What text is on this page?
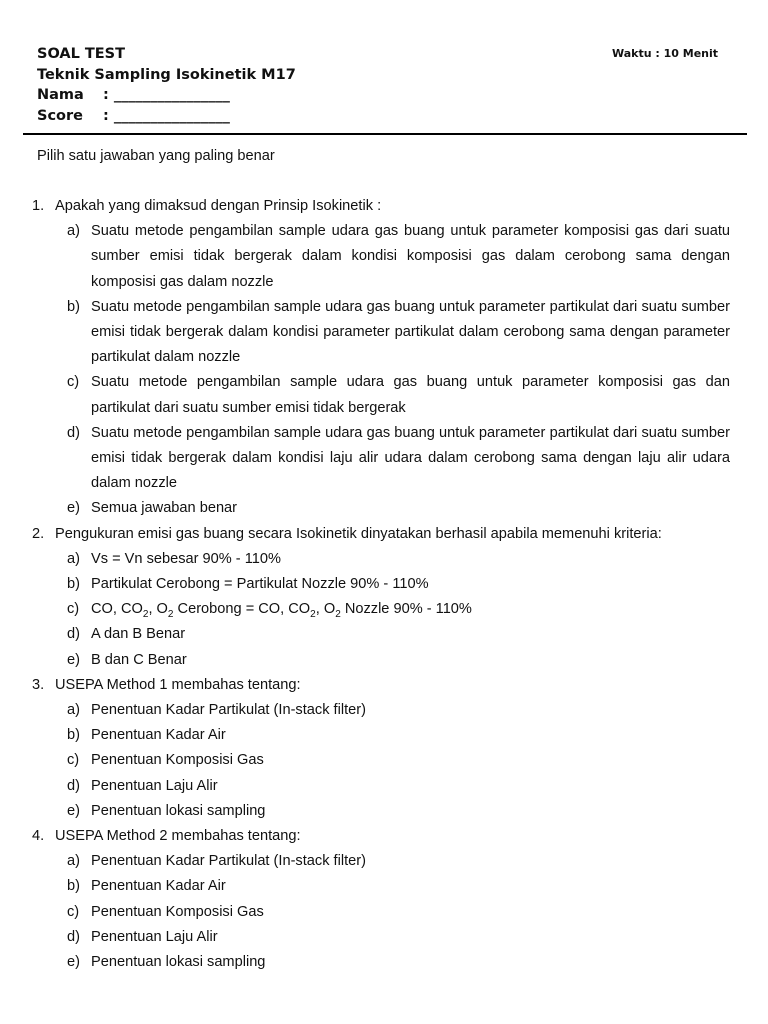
SOAL TEST
Teknik Sampling Isokinetik M17
Nama : ________________
Score : ________________
Waktu : 10 Menit
Pilih satu jawaban yang paling benar
1. Apakah yang dimaksud dengan Prinsip Isokinetik :
a) Suatu metode pengambilan sample udara gas buang untuk parameter komposisi gas dari suatu sumber emisi tidak bergerak dalam kondisi komposisi gas dalam cerobong sama dengan komposisi gas dalam nozzle
b) Suatu metode pengambilan sample udara gas buang untuk parameter partikulat dari suatu sumber emisi tidak bergerak dalam kondisi parameter partikulat dalam cerobong sama dengan parameter partikulat dalam nozzle
c) Suatu metode pengambilan sample udara gas buang untuk parameter komposisi gas dan partikulat dari suatu sumber emisi tidak bergerak
d) Suatu metode pengambilan sample udara gas buang untuk parameter partikulat dari suatu sumber emisi tidak bergerak dalam kondisi laju alir udara dalam cerobong sama dengan laju alir udara dalam nozzle
e) Semua jawaban benar
2. Pengukuran emisi gas buang secara Isokinetik dinyatakan berhasil apabila memenuhi kriteria:
a) Vs = Vn sebesar 90% - 110%
b) Partikulat Cerobong = Partikulat Nozzle 90% - 110%
c) CO, $CO_2$, $O_2$ Cerobong = CO, $CO_2$, $O_2$ Nozzle 90% - 110%
d) A dan B Benar
e) B dan C Benar
3. USEPA Method 1 membahas tentang:
a) Penentuan Kadar Partikulat (In-stack filter)
b) Penentuan Kadar Air
c) Penentuan Komposisi Gas
d) Penentuan Laju Alir
e) Penentuan lokasi sampling
4. USEPA Method 2 membahas tentang:
a) Penentuan Kadar Partikulat (In-stack filter)
b) Penentuan Kadar Air
c) Penentuan Komposisi Gas
d) Penentuan Laju Alir
e) Penentuan lokasi sampling
